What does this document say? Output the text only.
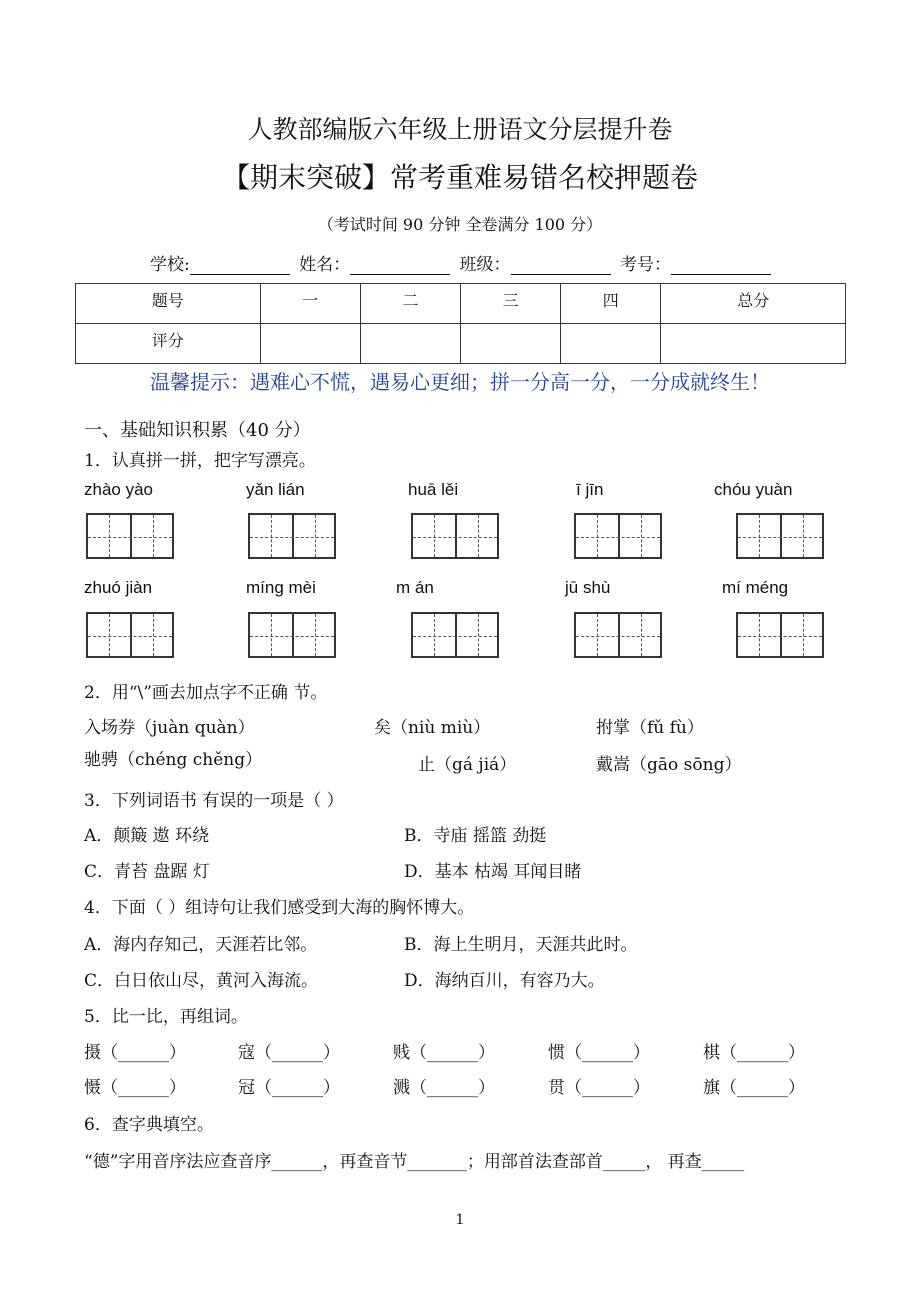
人教部编版六年级上册语文分层提升卷
【期末突破】常考重难易错名校押题卷
（考试时间 90 分钟 全卷满分 100 分）
学校:	姓名：	班级：	考号：
题号	一	二	三	四	总分
评分					
温馨提示：遇难心不慌，遇易心更细；拼一分高一分，一分成就终生！
一、基础知识积累（40 分）
1．认真拼一拼，把字写漂亮。
zhào yào	yǎn lián	huā lěi	ī jīn	chóu yuàn
zhuó jiàn	míng mèi	m án	jū shù	mí méng
2．用“\”画去加点字不正确 节。
入场券（juàn quàn）	矣（niù miù）	拊掌（fǔ fù）
驰骋（chéng chěng）	止（gá jiá）	戴嵩（gāo sōng）
3．下列词语书 有误的一项是（ ）
A．颠簸 遨 环绕	B．寺庙 摇篮 劲挺
C．青苔 盘踞 灯	D．基本 枯竭 耳闻目睹
4．下面（ ）组诗句让我们感受到大海的胸怀博大。
A．海内存知己，天涯若比邻。	B．海上生明月，天涯共此时。
C．白日依山尽，黄河入海流。	D．海纳百川，有容乃大。
5．比一比，再组词。
摄（______）	寇（______）	贱（______）	惯（______）	棋（______）
慑（______）	冠（______）	溅（______）	贯（______）	旗（______）
6．查字典填空。
“德”字用音序法应查音序______，再查音节_______；用部首法查部首_____， 再查_____
1
